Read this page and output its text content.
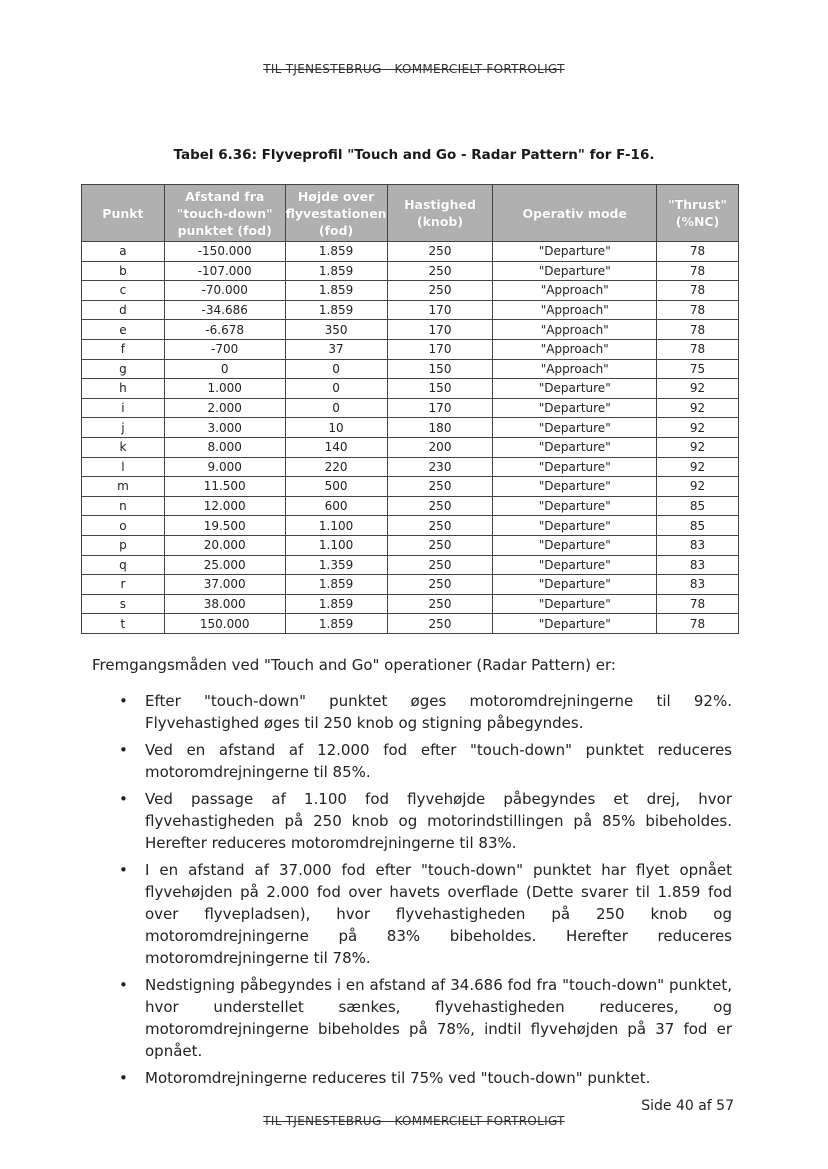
TIL TJENESTEBRUG - KOMMERCIELT FORTROLIGT
Tabel 6.36: Flyveprofil "Touch and Go - Radar Pattern" for F-16.
Punkt	Afstand fra "touch-down" punktet (fod)	Højde over flyvestationen (fod)	Hastighed (knob)	Operativ mode	"Thrust" (%NC)
a	-150.000	1.859	250	"Departure"	78
b	-107.000	1.859	250	"Departure"	78
c	-70.000	1.859	250	"Approach"	78
d	-34.686	1.859	170	"Approach"	78
e	-6.678	350	170	"Approach"	78
f	-700	37	170	"Approach"	78
g	0	0	150	"Approach"	75
h	1.000	0	150	"Departure"	92
i	2.000	0	170	"Departure"	92
j	3.000	10	180	"Departure"	92
k	8.000	140	200	"Departure"	92
l	9.000	220	230	"Departure"	92
m	11.500	500	250	"Departure"	92
n	12.000	600	250	"Departure"	85
o	19.500	1.100	250	"Departure"	85
p	20.000	1.100	250	"Departure"	83
q	25.000	1.359	250	"Departure"	83
r	37.000	1.859	250	"Departure"	83
s	38.000	1.859	250	"Departure"	78
t	150.000	1.859	250	"Departure"	78
Fremgangsmåden ved "Touch and Go" operationer (Radar Pattern) er:
• Efter "touch-down" punktet øges motoromdrejningerne til 92%. Flyvehastighed øges til 250 knob og stigning påbegyndes.
• Ved en afstand af 12.000 fod efter "touch-down" punktet reduceres motoromdrejningerne til 85%.
• Ved passage af 1.100 fod flyvehøjde påbegyndes et drej, hvor flyvehastigheden på 250 knob og motorindstillingen på 85% bibeholdes. Herefter reduceres motoromdrejningerne til 83%.
• I en afstand af 37.000 fod efter "touch-down" punktet har flyet opnået flyvehøjden på 2.000 fod over havets overflade (Dette svarer til 1.859 fod over flyvepladsen), hvor flyvehastigheden på 250 knob og motoromdrejningerne på 83% bibeholdes. Herefter reduceres motoromdrejningerne til 78%.
• Nedstigning påbegyndes i en afstand af 34.686 fod fra "touch-down" punktet, hvor understellet sænkes, flyvehastigheden reduceres, og motoromdrejningerne bibeholdes på 78%, indtil flyvehøjden på 37 fod er opnået.
• Motoromdrejningerne reduceres til 75% ved "touch-down" punktet.
Side 40 af 57
TIL TJENESTEBRUG - KOMMERCIELT FORTROLIGT
